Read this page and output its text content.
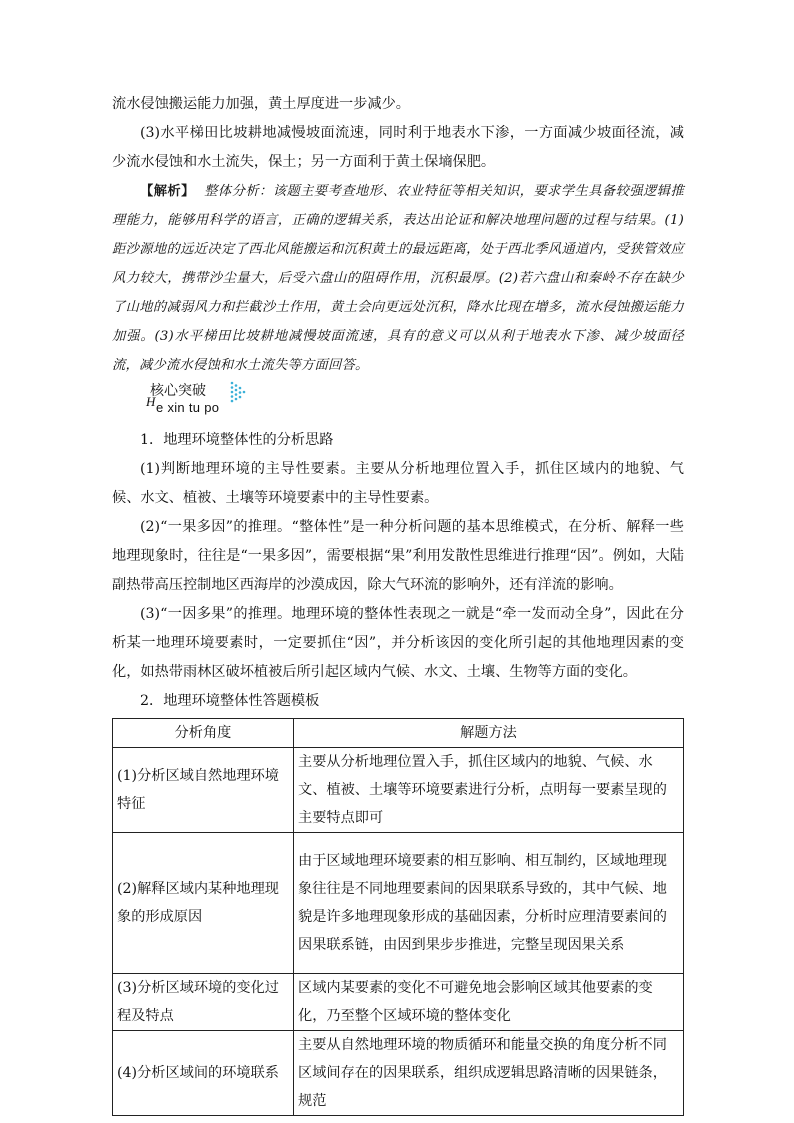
流水侵蚀搬运能力加强，黄土厚度进一步减少。

(3)水平梯田比坡耕地减慢坡面流速，同时利于地表水下渗，一方面减少坡面径流，减少流水侵蚀和水土流失，保土；另一方面利于黄土保墒保肥。

【解析】 整体分析：该题主要考查地形、农业特征等相关知识，要求学生具备较强逻辑推理能力，能够用科学的语言，正确的逻辑关系，表达出论证和解决地理问题的过程与结果。(1)距沙源地的远近决定了西北风能搬运和沉积黄土的最远距离，处于西北季风通道内，受狭管效应风力较大，携带沙尘量大，后受六盘山的阻碍作用，沉积最厚。(2)若六盘山和秦岭不存在缺少了山地的减弱风力和拦截沙土作用，黄土会向更远处沉积，降水比现在增多，流水侵蚀搬运能力加强。(3)水平梯田比坡耕地减慢坡面流速，具有的意义可以从利于地表水下渗、减少坡面径流，减少流水侵蚀和水土流失等方面回答。

核心突破
H e xin tu po

1．地理环境整体性的分析思路

(1)判断地理环境的主导性要素。主要从分析地理位置入手，抓住区域内的地貌、气候、水文、植被、土壤等环境要素中的主导性要素。

(2)“一果多因”的推理。“整体性”是一种分析问题的基本思维模式，在分析、解释一些地理现象时，往往是“一果多因”，需要根据“果”利用发散性思维进行推理“因”。例如，大陆副热带高压控制地区西海岸的沙漠成因，除大气环流的影响外，还有洋流的影响。

(3)“一因多果”的推理。地理环境的整体性表现之一就是“牵一发而动全身”，因此在分析某一地理环境要素时，一定要抓住“因”，并分析该因的变化所引起的其他地理因素的变化，如热带雨林区破坏植被后所引起区域内气候、水文、土壤、生物等方面的变化。

2．地理环境整体性答题模板

分析角度	解题方法
(1)分析区域自然地理环境特征	主要从分析地理位置入手，抓住区域内的地貌、气候、水文、植被、土壤等环境要素进行分析，点明每一要素呈现的主要特点即可
(2)解释区域内某种地理现象的形成原因	由于区域地理环境要素的相互影响、相互制约，区域地理现象往往是不同地理要素间的因果联系导致的，其中气候、地貌是许多地理现象形成的基础因素，分析时应理清要素间的因果联系链，由因到果步步推进，完整呈现因果关系
(3)分析区域环境的变化过程及特点	区域内某要素的变化不可避免地会影响区域其他要素的变化，乃至整个区域环境的整体变化
(4)分析区域间的环境联系	主要从自然地理环境的物质循环和能量交换的角度分析不同区域间存在的因果联系，组织成逻辑思路清晰的因果链条，规范
